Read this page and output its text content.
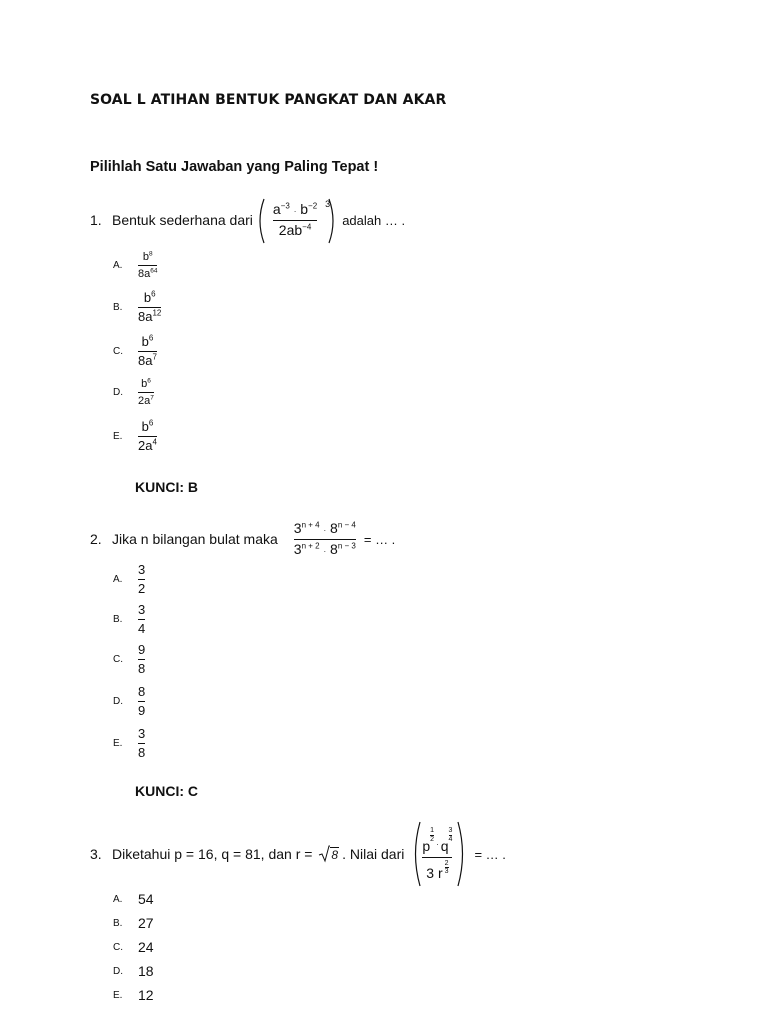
SOAL L ATIHAN BENTUK PANGKAT DAN AKAR
Pilihlah Satu Jawaban yang Paling Tepat !
1. Bentuk sederhana dari $\frac{a^{-3} \cdot b^{-2}}{2ab^{-4}} ^3$
adalah … .
A.	$\frac{b^8}{8a^{64}}$
B.	$\frac{b^6}{8a^{12}}$
C.	$\frac{b^6}{8a^7}$
D.	$\frac{b^6}{2a^7}$
E.	$\frac{b^6}{2a^4}$
KUNCI: B
2. Jika n bilangan bulat maka $\frac{3^{n + 4} \cdot 8^{n - 4}}{3^{n + 2} \cdot 8^{n - 3}}$ = … .
A.	$\frac{3}{2}$
B.	$\frac{3}{4}$
C.	$\frac{9}{8}$
D.	$\frac{8}{9}$
E.	$\frac{3}{8}$
KUNCI: C
3. Diketahui p = 16, q = 81, dan r = 8 . Nilai dari p
$\frac{1}{2}$
· q
$\frac{3}{4}$
3 r $\frac{2}{3}$ = … .
A.	54
B.	27
C.	24
D.	18
E.	12
